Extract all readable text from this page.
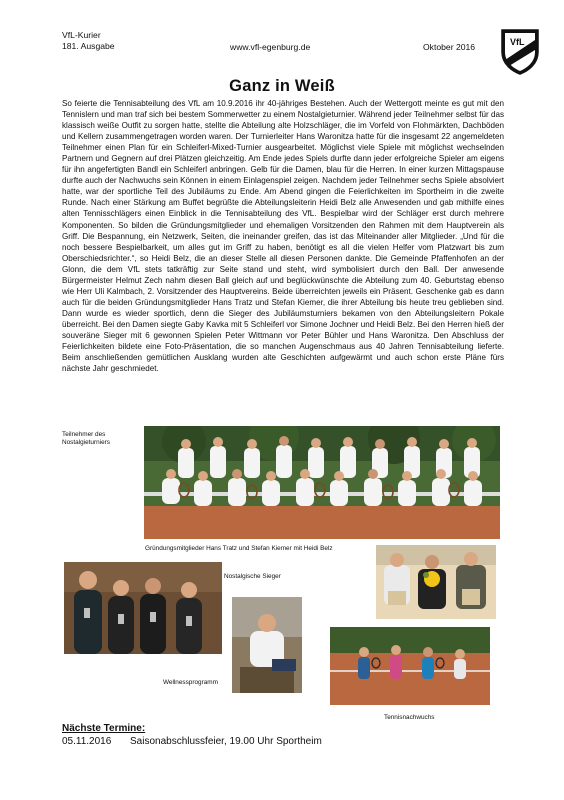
VfL-Kurier
181. Ausgabe	www.vfl-egenburg.de	Oktober 2016	VfL
Ganz in Weiß
So feierte die Tennisabteilung des VfL am 10.9.2016 ihr 40-jähriges Bestehen. Auch der Wettergott meinte es gut mit den Tennislern und man traf sich bei bestem Sommerwetter zu einem Nostalgieturnier. Während jeder Teilnehmer selbst für das klassisch weiße Outfit zu sorgen hatte, stellte die Abteilung alte Holzschläger, die im Vorfeld von Flohmärkten, Dachböden und Kellern zusammengetragen worden waren. Der Turnierleiter Hans Waronitza hatte für die insgesamt 22 angemeldeten Teilnehmer einen Plan für ein Schleiferl-Mixed-Turnier ausgearbeitet. Möglichst viele Spiele mit möglichst wechselnden Partnern und Gegnern auf drei Plätzen gleichzeitig. Am Ende jedes Spiels durfte dann jeder erfolgreiche Spieler am eigens für ihn angefertigten Bandl ein Schleiferl anbringen. Gelb für die Damen, blau für die Herren. In einer kurzen Mittagspause durfte auch der Nachwuchs sein Können in einem Einlagenspiel zeigen. Nachdem jeder Teilnehmer sechs Spiele absolviert hatte, war der sportliche Teil des Jubiläums zu Ende. Am Abend gingen die Feierlichkeiten im Sportheim in die zweite Runde. Nach einer Stärkung am Buffet begrüßte die Abteilungsleiterin Heidi Belz alle Anwesenden und gab mithilfe eines alten Tennisschlägers einen Einblick in die Tennisabteilung des VfL. Bespielbar wird der Schläger erst durch mehrere Komponenten. So bilden die Gründungsmitglieder und ehemaligen Vorsitzenden den Rahmen mit dem Hauptverein als Griff. Die Bespannung, ein Netzwerk, Seiten, die ineinander greifen, das ist das Miteinander aller Mitglieder. „Und für die noch bessere Bespielbarkeit, um alles gut im Griff zu haben, benötigt es all die vielen Helfer vom Platzwart bis zum Oberschiedsrichter.“, so Heidi Belz, die an dieser Stelle all diesen Personen dankte. Die Gemeinde Pfaffenhofen an der Glonn, die dem VfL stets tatkräftig zur Seite stand und steht, wird symbolisiert durch den Ball. Der anwesende Bürgermeister Helmut Zech nahm diesen Ball gleich auf und beglückwünschte die Abteilung zum 40. Geburtstag ebenso wie Herr Uli Kalmbach, 2. Vorsitzender des Hauptvereins. Beide überreichten jeweils ein Präsent. Geschenke gab es dann auch für die beiden Gründungsmitglieder Hans Tratz und Stefan Kiemer, die ihrer Abteilung bis heute treu geblieben sind. Dann wurde es wieder sportlich, denn die Sieger des Jubiläumsturniers bekamen von den Abteilungsleitern Pokale überreicht. Bei den Damen siegte Gaby Kavka mit 5 Schleiferl vor Simone Jochner und Heidi Belz. Bei den Herren hieß der souveräne Sieger mit 6 gewonnen Spielen Peter Wittmann vor Peter Bühler und Hans Waronitza. Den Abschluss der Feierlichkeiten bildete eine Foto-Präsentation, die so manchen Augenschmaus aus 40 Jahren Tennisabteilung lieferte. Beim anschließenden gemütlichen Ausklang wurden alte Geschichten aufgewärmt und auch schon erste Pläne fürs nächste Jahr geschmiedet.
Teilnehmer des Nostalgieturniers
Gründungsmitglieder Hans Tratz und Stefan Kiemer mit Heidi Belz
Nostalgische Sieger
Wellnessprogramm
Tennisnachwuchs
Nächste Termine:
05.11.2016 Saisonabschlussfeier, 19.00 Uhr Sportheim
